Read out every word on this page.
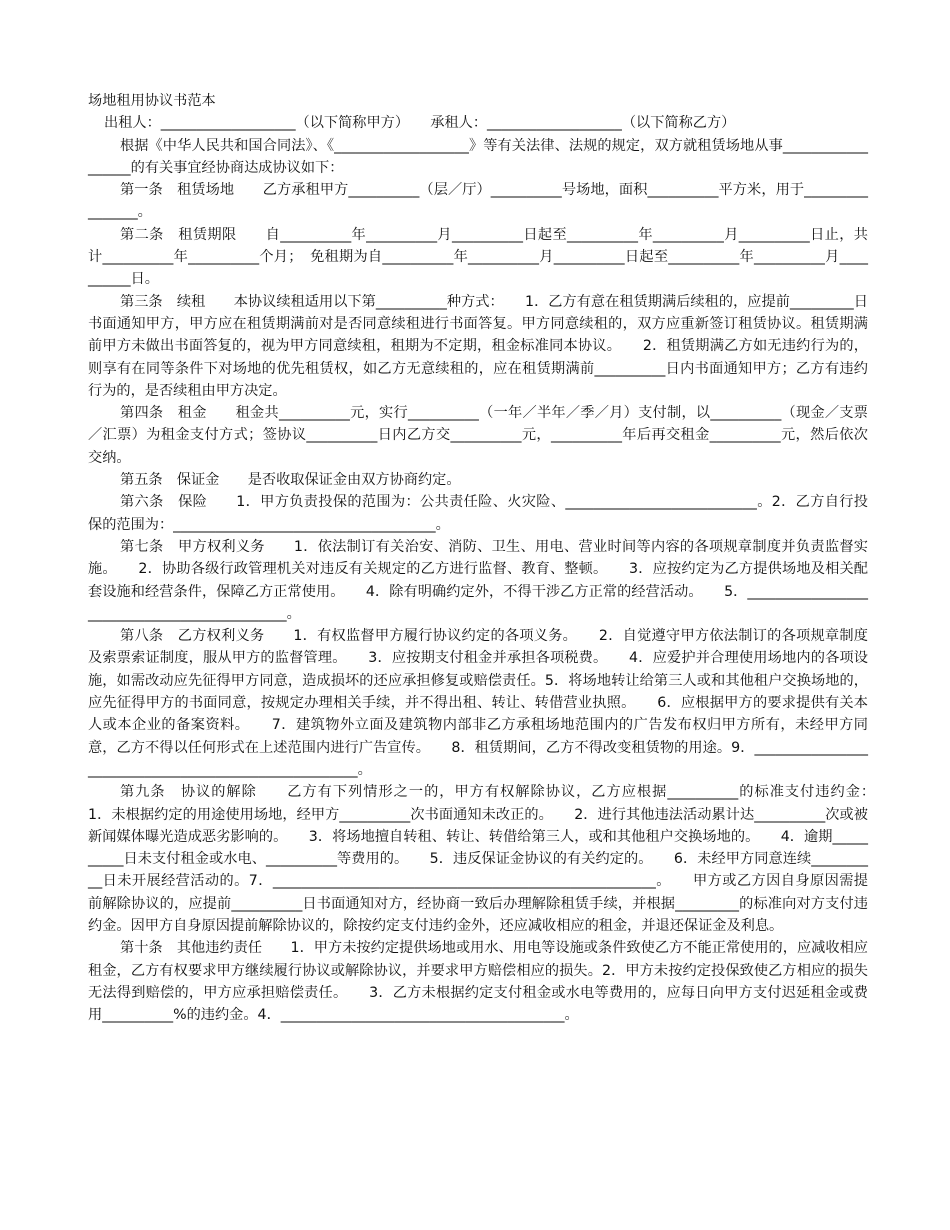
场地租用协议书范本

出租人：___________________（以下简称甲方）　　承租人：___________________（以下简称乙方）

根据《中华人民共和国合同法》、《___________________》等有关法律、法规的规定，双方就租赁场地从事__________________的有关事宜经协商达成协议如下：

第一条　租赁场地　　乙方承租甲方__________（层／厅）__________号场地，面积__________平方米，用于________________。

第二条　租赁期限　　自__________年__________月__________日起至__________年__________月__________日止，共计__________年__________个月；　免租期为自__________年__________月__________日起至__________年__________月__________日。

第三条　续租　　本协议续租适用以下第__________种方式：　　1．乙方有意在租赁期满后续租的，应提前_________日书面通知甲方，甲方应在租赁期满前对是否同意续租进行书面答复。甲方同意续租的，双方应重新签订租赁协议。租赁期满前甲方未做出书面答复的，视为甲方同意续租，租期为不定期，租金标准同本协议。　　2．租赁期满乙方如无违约行为的，则享有在同等条件下对场地的优先租赁权，如乙方无意续租的，应在租赁期满前__________日内书面通知甲方；乙方有违约行为的，是否续租由甲方决定。

第四条　租金　　租金共__________元，实行__________（一年／半年／季／月）支付制，以__________（现金／支票／汇票）为租金支付方式；签协议__________日内乙方交__________元，__________年后再交租金__________元，然后依次交纳。

第五条　保证金　　是否收取保证金由双方协商约定。

第六条　保险　　1．甲方负责投保的范围为：公共责任险、火灾险、___________________________。2．乙方自行投保的范围为：_____________________________________。

第七条　甲方权利义务　　1．依法制订有关治安、消防、卫生、用电、营业时间等内容的各项规章制度并负责监督实施。　　2．协助各级行政管理机关对违反有关规定的乙方进行监督、教育、整顿。　　3．应按约定为乙方提供场地及相关配套设施和经营条件，保障乙方正常使用。　　4．除有明确约定外，不得干涉乙方正常的经营活动。　　5．_____________________________________________。

第八条　乙方权利义务　　1．有权监督甲方履行协议约定的各项义务。　　2．自觉遵守甲方依法制订的各项规章制度及索票索证制度，服从甲方的监督管理。　　3．应按期支付租金并承担各项税费。　　4．应爱护并合理使用场地内的各项设施，如需改动应先征得甲方同意，造成损坏的还应承担修复或赔偿责任。5．将场地转让给第三人或和其他租户交换场地的，应先征得甲方的书面同意，按规定办理相关手续，并不得出租、转让、转借营业执照。　　6．应根据甲方的要求提供有关本人或本企业的备案资料。　　7．建筑物外立面及建筑物内部非乙方承租场地范围内的广告发布权归甲方所有，未经甲方同意，乙方不得以任何形式在上述范围内进行广告宣传。　　8．租赁期间，乙方不得改变租赁物的用途。9．______________________________________________________。

第九条　协议的解除　　乙方有下列情形之一的，甲方有权解除协议，乙方应根据__________的标准支付违约金：　　1．未根据约定的用途使用场地，经甲方__________次书面通知未改正的。　　2．进行其他违法活动累计达__________次或被新闻媒体曝光造成恶劣影响的。　　3．将场地擅自转租、转让、转借给第三人，或和其他租户交换场地的。　　4．逾期__________日未支付租金或水电、__________等费用的。　　5．违反保证金协议的有关约定的。　　6．未经甲方同意连续__________日未开展经营活动的。7．______________________________________________________。　　甲方或乙方因自身原因需提前解除协议的，应提前__________日书面通知对方，经协商一致后办理解除租赁手续，并根据_________的标准向对方支付违约金。因甲方自身原因提前解除协议的，除按约定支付违约金外，还应减收相应的租金，并退还保证金及利息。

第十条　其他违约责任　　1．甲方未按约定提供场地或用水、用电等设施或条件致使乙方不能正常使用的，应减收相应租金，乙方有权要求甲方继续履行协议或解除协议，并要求甲方赔偿相应的损失。2．甲方未按约定投保致使乙方相应的损失无法得到赔偿的，甲方应承担赔偿责任。　　3．乙方未根据约定支付租金或水电等费用的，应每日向甲方支付迟延租金或费用__________%的违约金。4．________________________________________。
